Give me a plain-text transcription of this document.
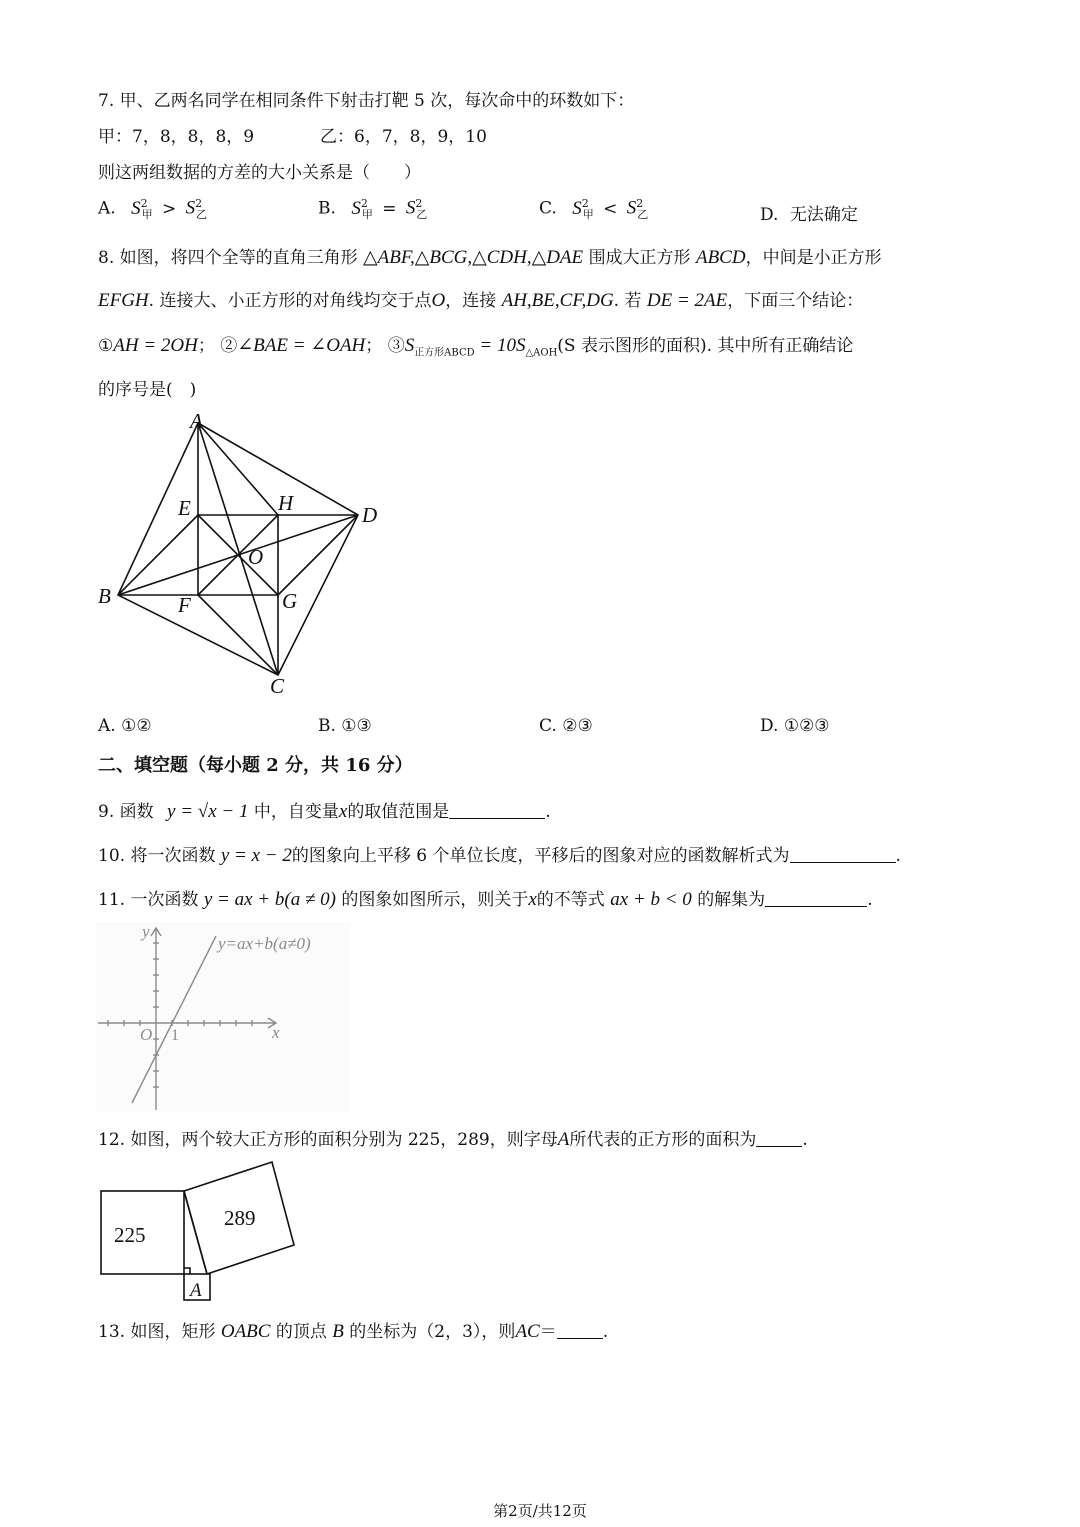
7. 甲、乙两名同学在相同条件下射击打靶 5 次，每次命中的环数如下：
甲：7，8，8，8，9	乙：6，7，8，9，10
则这两组数据的方差的大小关系是（　　）
A. $S^2_甲 > S^2_乙$	B. $S^2_甲 = S^2_乙$	C. $S^2_甲 < S^2_乙$	D. 无法确定
8. 如图，将四个全等的直角三角形 △ABF,△BCG,△CDH,△DAE 围成大正方形 ABCD，中间是小正方形
EFGH. 连接大、小正方形的对角线均交于点O，连接 AH,BE,CF,DG. 若 DE = 2AE，下面三个结论：
①AH = 2OH； ②∠BAE = ∠OAH； $③S_{正方形ABCD} = 10S_{\triangle AOH}(S$ 表示图形的面积). 其中所有正确结论
的序号是(　)
A
B
C
D
E
F	G
H
O
A. ①②	B. ①③	C. ②③	D. ①②③
二、填空题（每小题 2 分，共 16 分）
9. 函数 y = √x − 1 中，自变量x的取值范围是	.
10. 将一次函数 y = x − 2的图象向上平移 6 个单位长度，平移后的图象对应的函数解析式为	.
11. 一次函数 y = ax + b(a ≠ 0) 的图象如图所示，则关于x的不等式 ax + b < 0 的解集为	.
y
x
O
y=ax+b(a≠0)
1
12. 如图，两个较大正方形的面积分别为 225，289，则字母A所代表的正方形的面积为	.
225
289
A
13. 如图，矩形 OABC 的顶点 B 的坐标为（2，3），则AC＝	.
第2页/共12页
